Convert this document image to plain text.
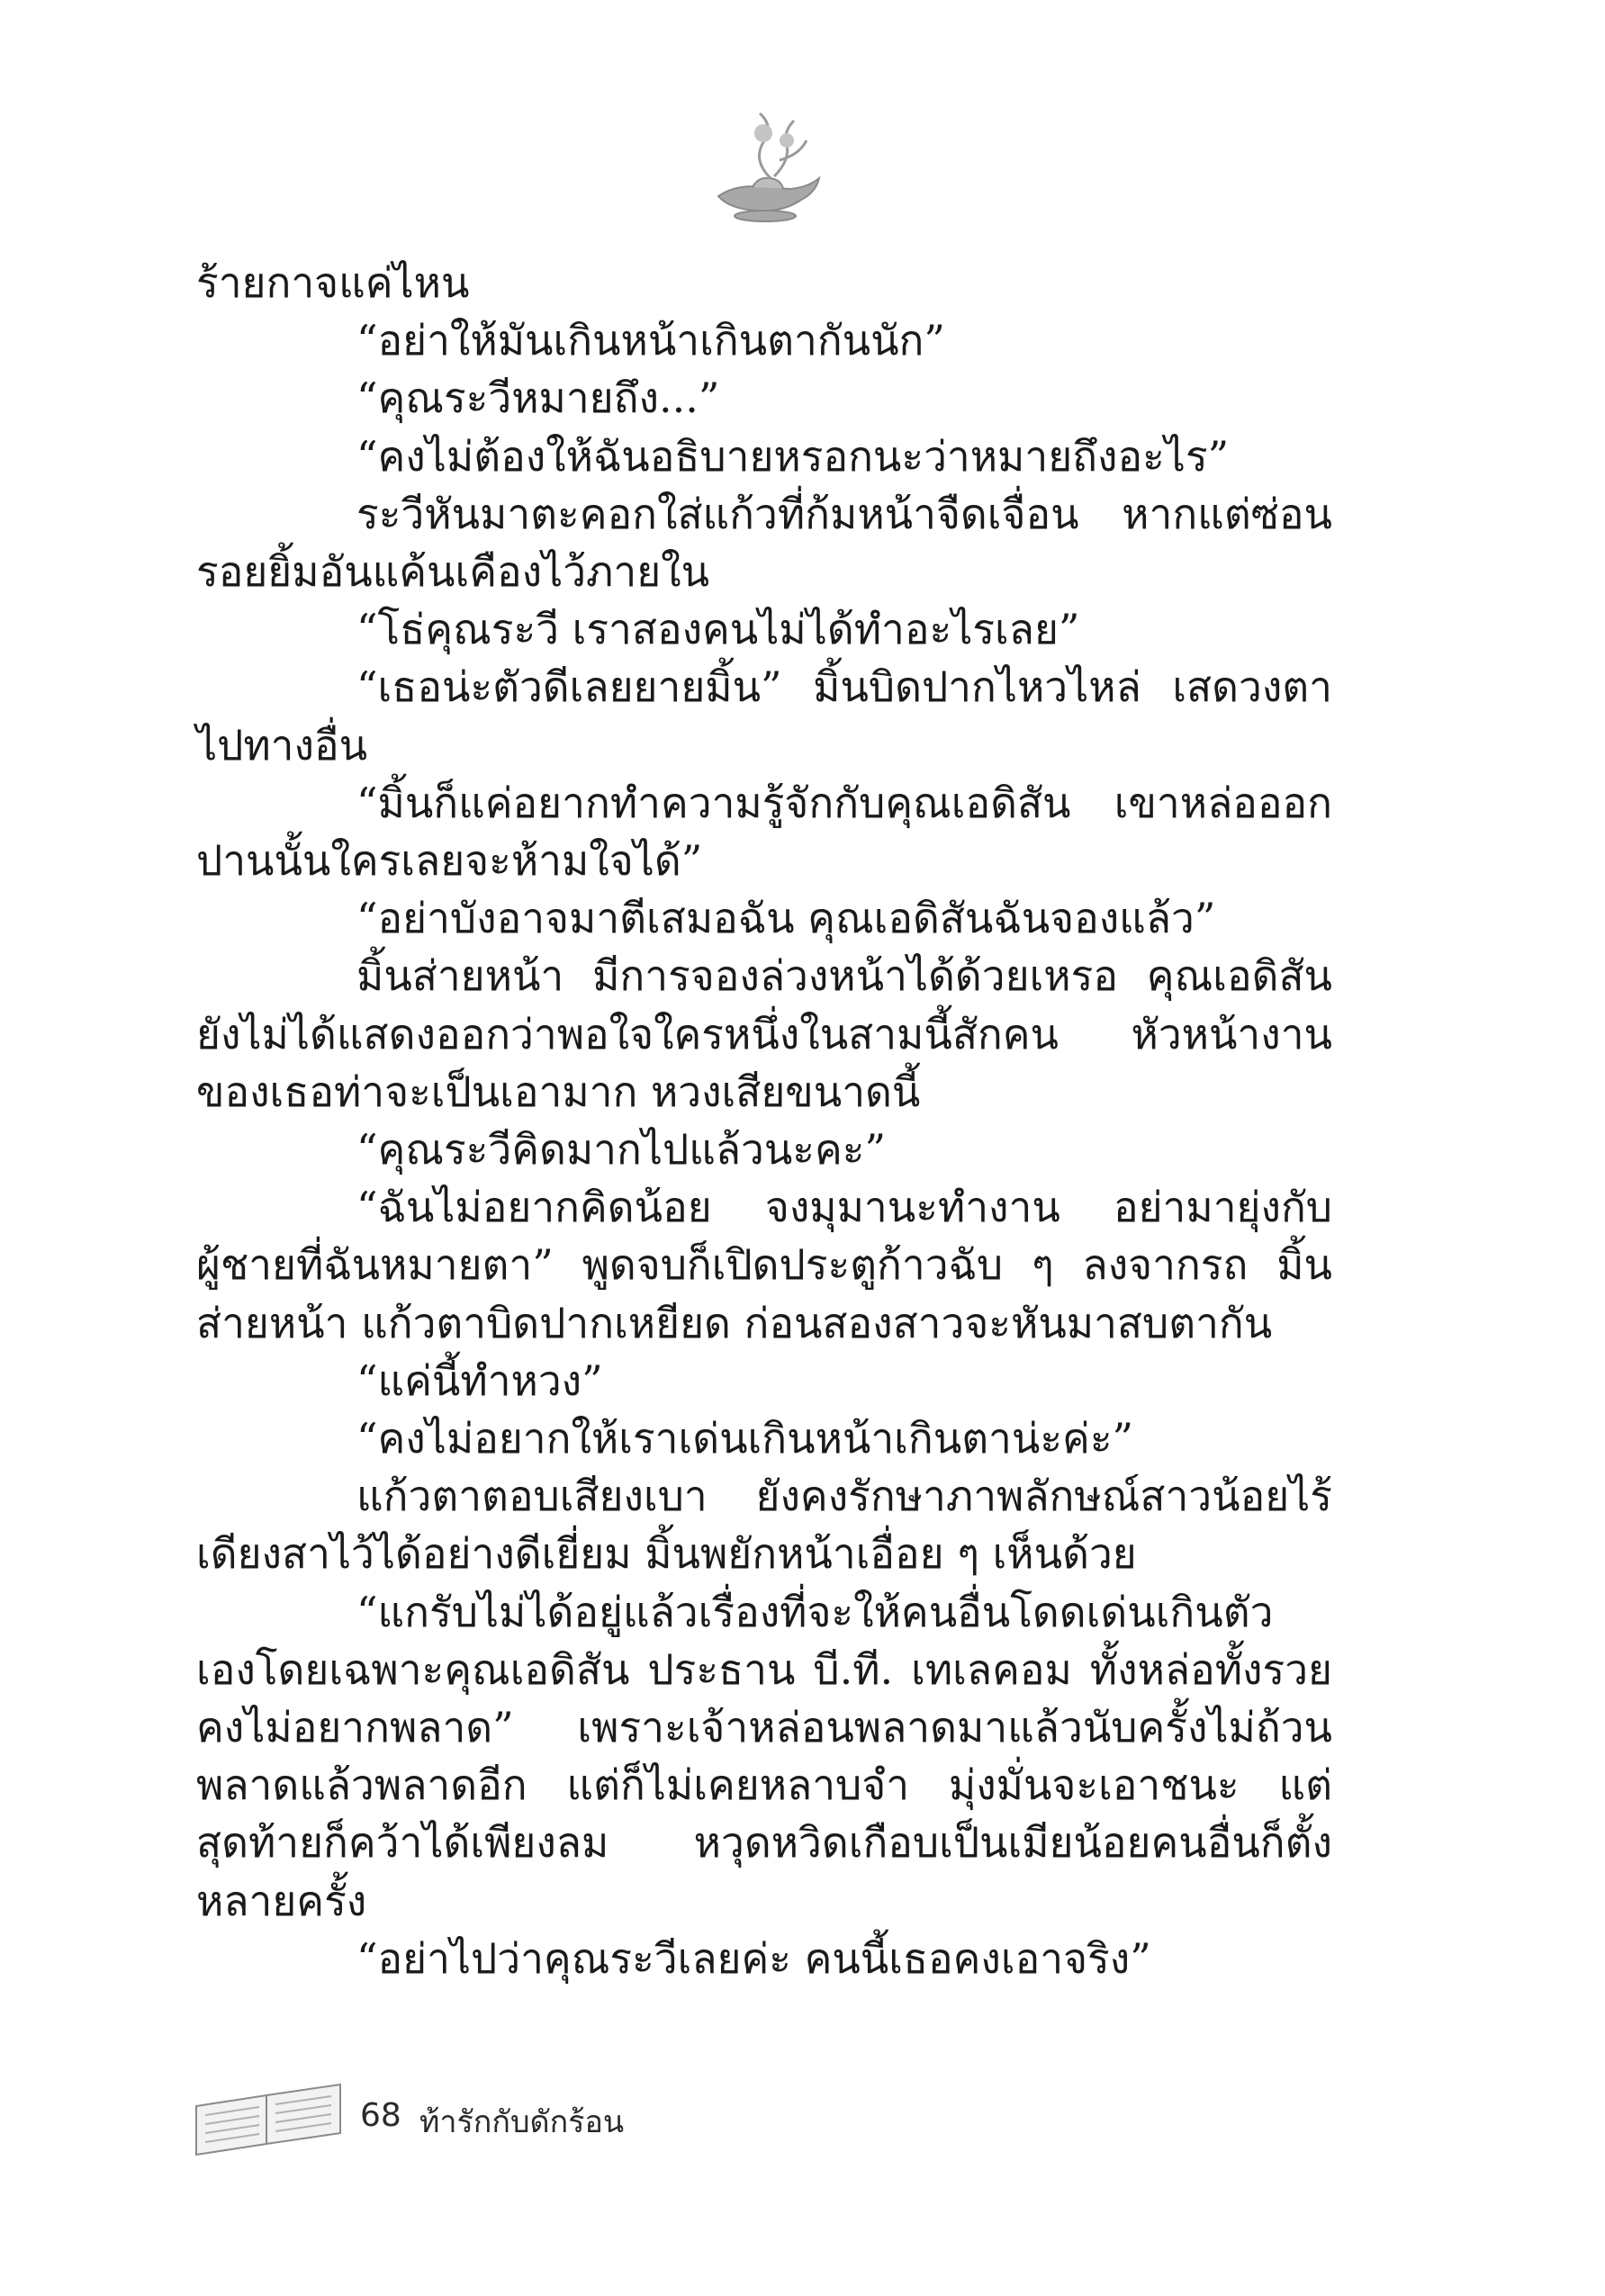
ร้ายกาจแค่ไหน

“อย่าให้มันเกินหน้าเกินตากันนัก”

“คุณระวีหมายถึง...”

“คงไม่ต้องให้ฉันอธิบายหรอกนะว่าหมายถึงอะไร”

ระวีหันมาตะคอกใส่แก้วที่ก้มหน้าจืดเจื่อน หากแต่ซ่อนรอยยิ้มอันแค้นเคืองไว้ภายใน

“โธ่คุณระวี เราสองคนไม่ได้ทำอะไรเลย”

“เธอน่ะตัวดีเลยยายมิ้น” มิ้นบิดปากไหวไหล่ เสดวงตาไปทางอื่น

“มิ้นก็แค่อยากทำความรู้จักกับคุณเอดิสัน เขาหล่อออกปานนั้นใครเลยจะห้ามใจได้”

“อย่าบังอาจมาตีเสมอฉัน คุณเอดิสันฉันจองแล้ว”

มิ้นส่ายหน้า มีการจองล่วงหน้าได้ด้วยเหรอ คุณเอดิสันยังไม่ได้แสดงออกว่าพอใจใครหนึ่งในสามนี้สักคน หัวหน้างานของเธอท่าจะเป็นเอามาก หวงเสียขนาดนี้

“คุณระวีคิดมากไปแล้วนะคะ”

“ฉันไม่อยากคิดน้อย จงมุมานะทำงาน อย่ามายุ่งกับผู้ชายที่ฉันหมายตา” พูดจบก็เปิดประตูก้าวฉับ ๆ ลงจากรถ มิ้นส่ายหน้า แก้วตาบิดปากเหยียด ก่อนสองสาวจะหันมาสบตากัน

“แค่นี้ทำหวง”

“คงไม่อยากให้เราเด่นเกินหน้าเกินตาน่ะค่ะ”

แก้วตาตอบเสียงเบา ยังคงรักษาภาพลักษณ์สาวน้อยไร้เดียงสาไว้ได้อย่างดีเยี่ยม มิ้นพยักหน้าเอื่อย ๆ เห็นด้วย

“แกรับไม่ได้อยู่แล้วเรื่องที่จะให้คนอื่นโดดเด่นเกินตัวเองโดยเฉพาะคุณเอดิสัน ประธาน บี.ที. เทเลคอม ทั้งหล่อทั้งรวย คงไม่อยากพลาด” เพราะเจ้าหล่อนพลาดมาแล้วนับครั้งไม่ถ้วน พลาดแล้วพลาดอีก แต่ก็ไม่เคยหลาบจำ มุ่งมั่นจะเอาชนะ แต่สุดท้ายก็คว้าได้เพียงลม หวุดหวิดเกือบเป็นเมียน้อยคนอื่นก็ตั้งหลายครั้ง

“อย่าไปว่าคุณระวีเลยค่ะ คนนี้เธอคงเอาจริง”

68 ท้ารักกับดักร้อน
